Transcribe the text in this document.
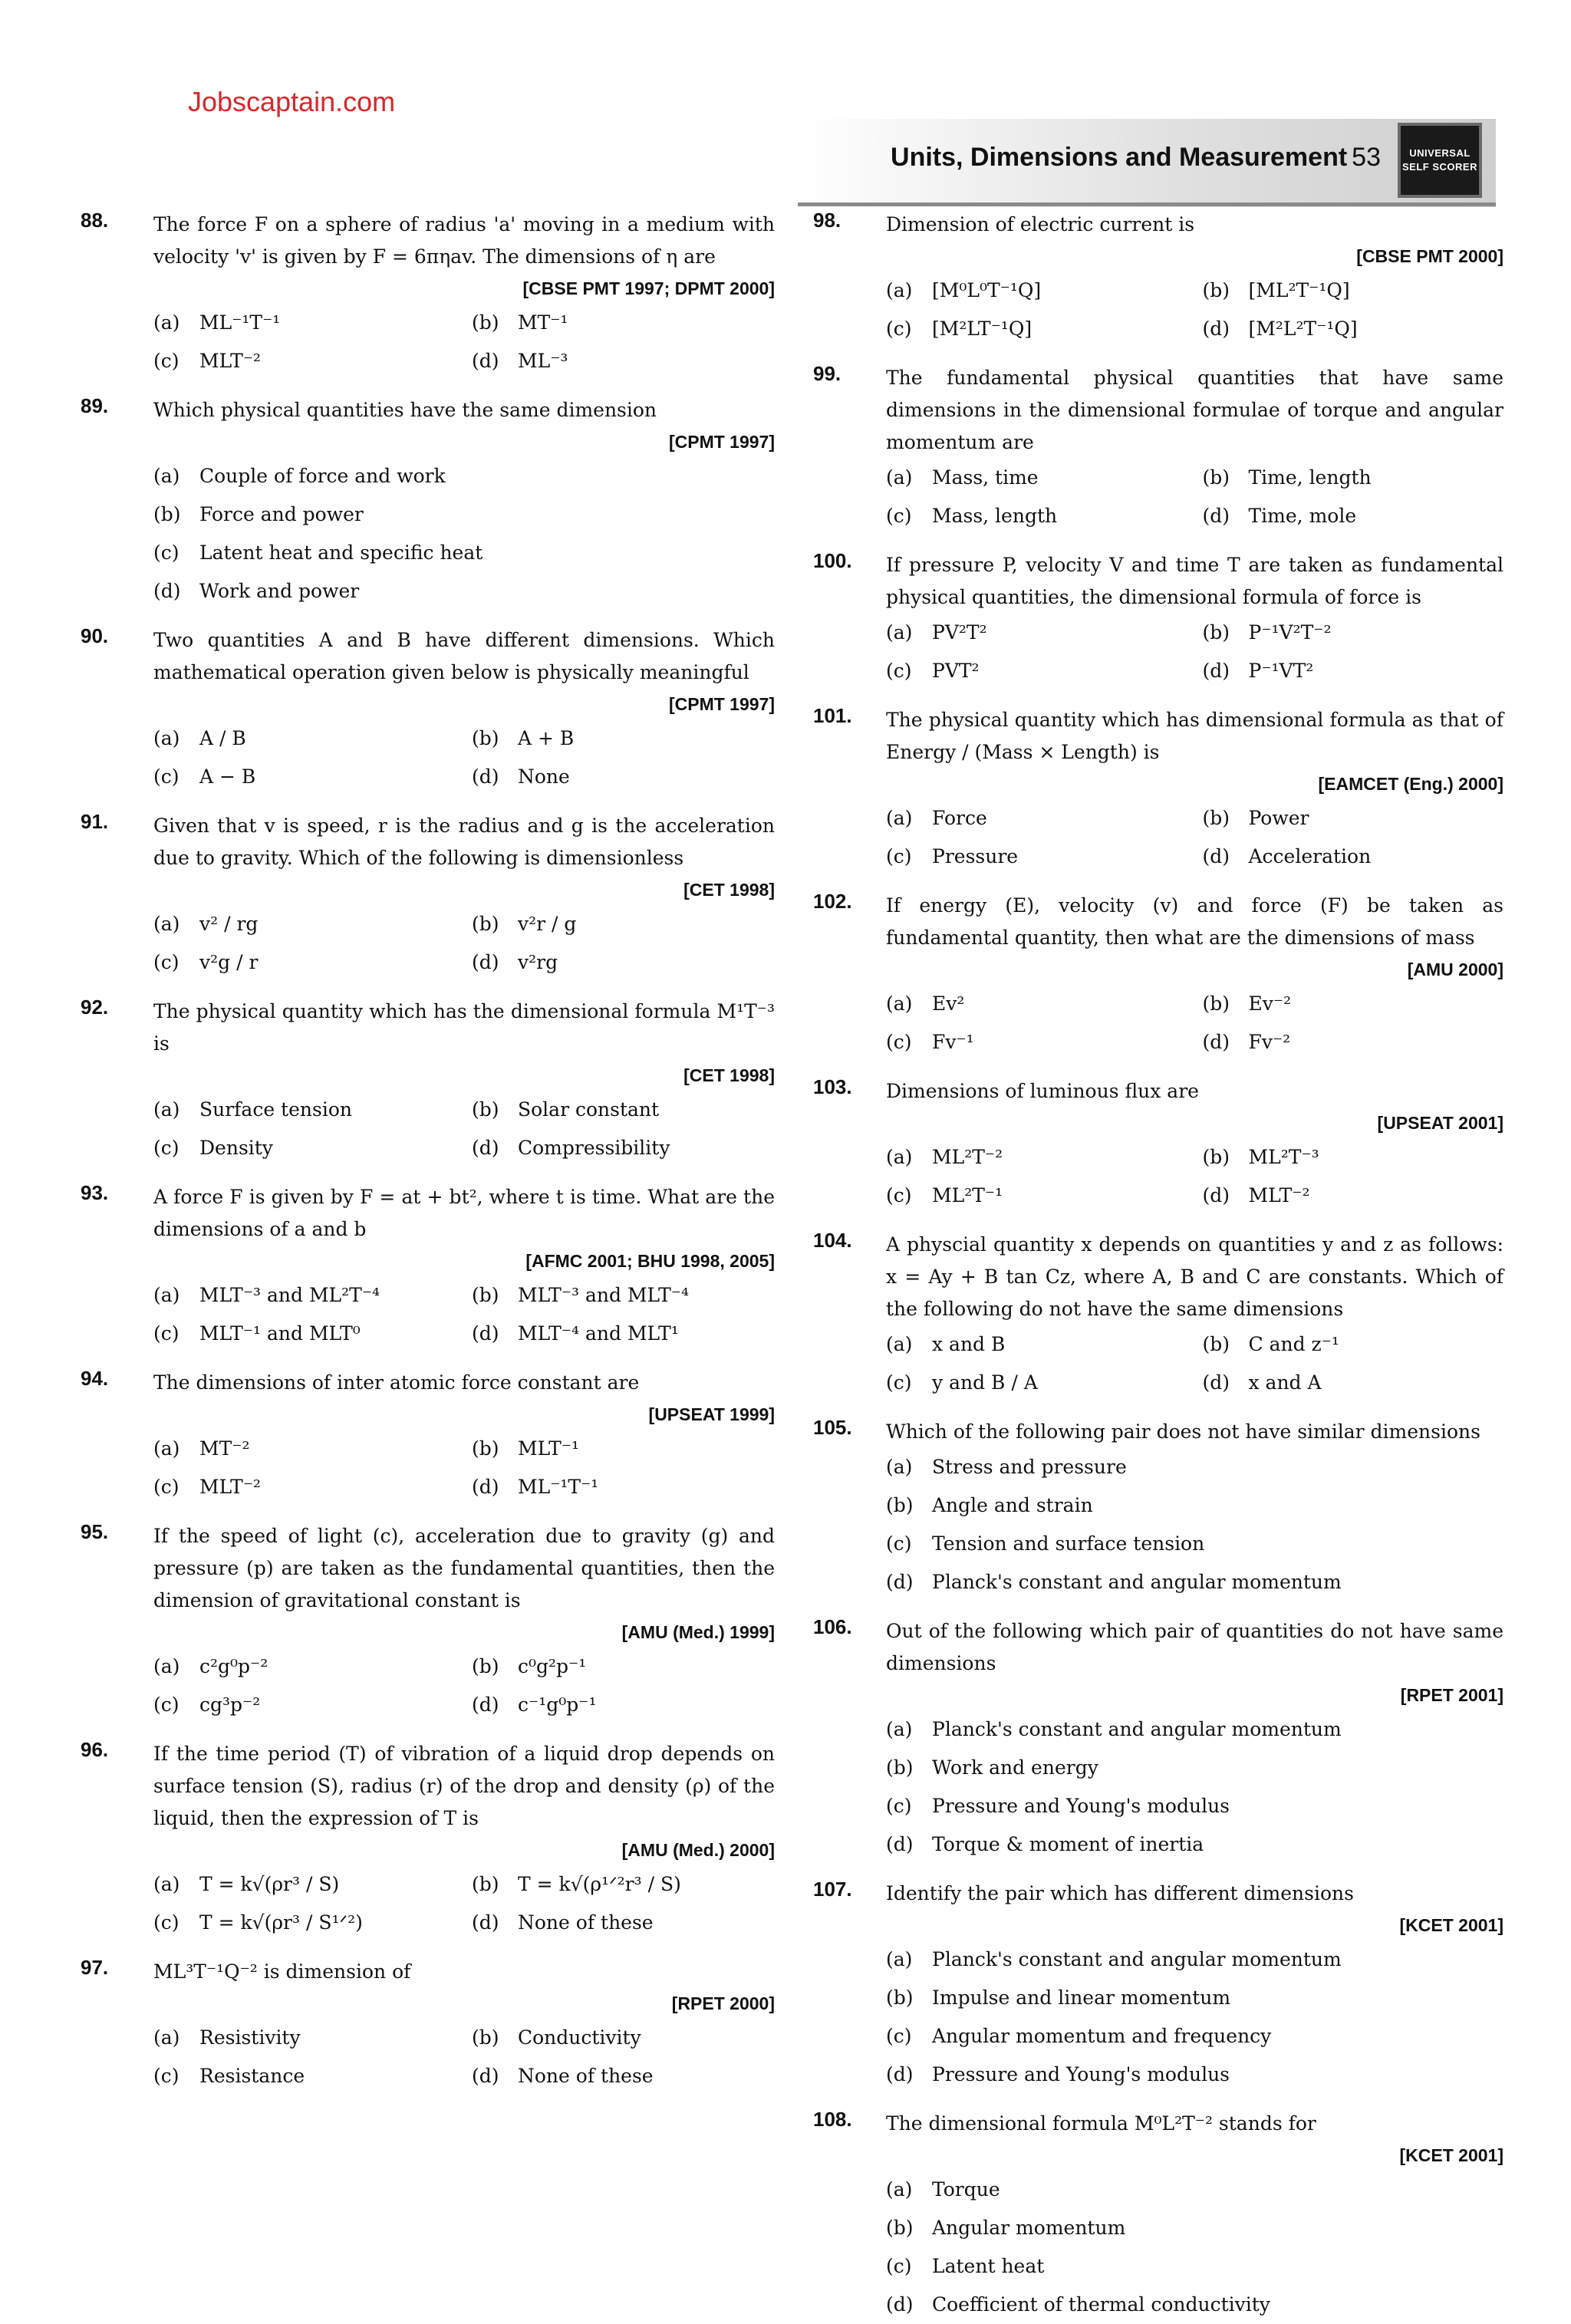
Jobscaptain.com
Units, Dimensions and Measurement 53	UNIVERSAL
SELF SCORER
88. The force F on a sphere of radius 'a' moving in a medium with velocity 'v' is given by F = 6πηav. The dimensions of η are
[CBSE PMT 1997; DPMT 2000]
(a)	ML⁻¹T⁻¹	(b) MT⁻¹
(c)	MLT⁻²	(d) ML⁻³
89. Which physical quantities have the same dimension
[CPMT 1997]
(a)	Couple of force and work
(b) Force and power
(c)	Latent heat and specific heat
(d) Work and power
90. Two quantities A and B have different dimensions. Which mathematical operation given below is physically meaningful
[CPMT 1997]
(a)	A / B	(b) A + B
(c)	A − B	(d) None
91. Given that v is speed, r is the radius and g is the acceleration due to gravity. Which of the following is dimensionless
[CET 1998]
(a)	v² / rg	(b) v²r / g
(c)	v²g / r	(d) v²rg
92. The physical quantity which has the dimensional formula M¹T⁻³ is
[CET 1998]
(a)	Surface tension	(b) Solar constant
(c)	Density	(d) Compressibility
93. A force F is given by F = at + bt², where t is time. What are the dimensions of a and b
[AFMC 2001; BHU 1998, 2005]
(a)	MLT⁻³ and ML²T⁻⁴	(b) MLT⁻³ and MLT⁻⁴
(c)	MLT⁻¹ and MLT⁰	(d) MLT⁻⁴ and MLT¹
94. The dimensions of inter atomic force constant are
[UPSEAT 1999]
(a)	MT⁻²	(b) MLT⁻¹
(c)	MLT⁻²	(d) ML⁻¹T⁻¹
95. If the speed of light (c), acceleration due to gravity (g) and pressure (p) are taken as the fundamental quantities, then the dimension of gravitational constant is
[AMU (Med.) 1999]
(a)	c²g⁰p⁻²	(b) c⁰g²p⁻¹
(c)	cg³p⁻²	(d) c⁻¹g⁰p⁻¹
96. If the time period (T) of vibration of a liquid drop depends on surface tension (S), radius (r) of the drop and density (ρ) of the liquid, then the expression of T is
[AMU (Med.) 2000]
(a)	T = k√(ρr³ / S)	(b) T = k√(ρ¹ᐟ²r³ / S)
(c)	T = k√(ρr³ / S¹ᐟ²)	(d) None of these
97. ML³T⁻¹Q⁻² is dimension of
[RPET 2000]
(a)	Resistivity	(b) Conductivity
(c)	Resistance	(d) None of these
98. Dimension of electric current is
[CBSE PMT 2000]
(a)	[M⁰L⁰T⁻¹Q]	(b) [ML²T⁻¹Q]
(c)	[M²LT⁻¹Q]	(d) [M²L²T⁻¹Q]
99. The fundamental physical quantities that have same dimensions in the dimensional formulae of torque and angular momentum are
(a)	Mass, time	(b) Time, length
(c)	Mass, length	(d) Time, mole
100. If pressure P, velocity V and time T are taken as fundamental physical quantities, the dimensional formula of force is
(a)	PV²T²	(b) P⁻¹V²T⁻²
(c)	PVT²	(d) P⁻¹VT²
101. The physical quantity which has dimensional formula as that of Energy / (Mass × Length) is
[EAMCET (Eng.) 2000]
(a)	Force	(b) Power
(c)	Pressure	(d) Acceleration
102. If energy (E), velocity (v) and force (F) be taken as fundamental quantity, then what are the dimensions of mass
[AMU 2000]
(a)	Ev²	(b) Ev⁻²
(c)	Fv⁻¹	(d) Fv⁻²
103. Dimensions of luminous flux are
[UPSEAT 2001]
(a)	ML²T⁻²	(b) ML²T⁻³
(c)	ML²T⁻¹	(d) MLT⁻²
104. A physcial quantity x depends on quantities y and z as follows: x = Ay + B tan Cz, where A, B and C are constants. Which of the following do not have the same dimensions
(a)	x and B	(b) C and z⁻¹
(c)	y and B / A	(d) x and A
105. Which of the following pair does not have similar dimensions
(a)	Stress and pressure
(b) Angle and strain
(c)	Tension and surface tension
(d) Planck's constant and angular momentum
106. Out of the following which pair of quantities do not have same dimensions
[RPET 2001]
(a)	Planck's constant and angular momentum
(b) Work and energy
(c)	Pressure and Young's modulus
(d) Torque & moment of inertia
107. Identify the pair which has different dimensions
[KCET 2001]
(a)	Planck's constant and angular momentum
(b) Impulse and linear momentum
(c)	Angular momentum and frequency
(d) Pressure and Young's modulus
108. The dimensional formula M⁰L²T⁻² stands for
[KCET 2001]
(a)	Torque
(b) Angular momentum
(c)	Latent heat
(d) Coefficient of thermal conductivity
